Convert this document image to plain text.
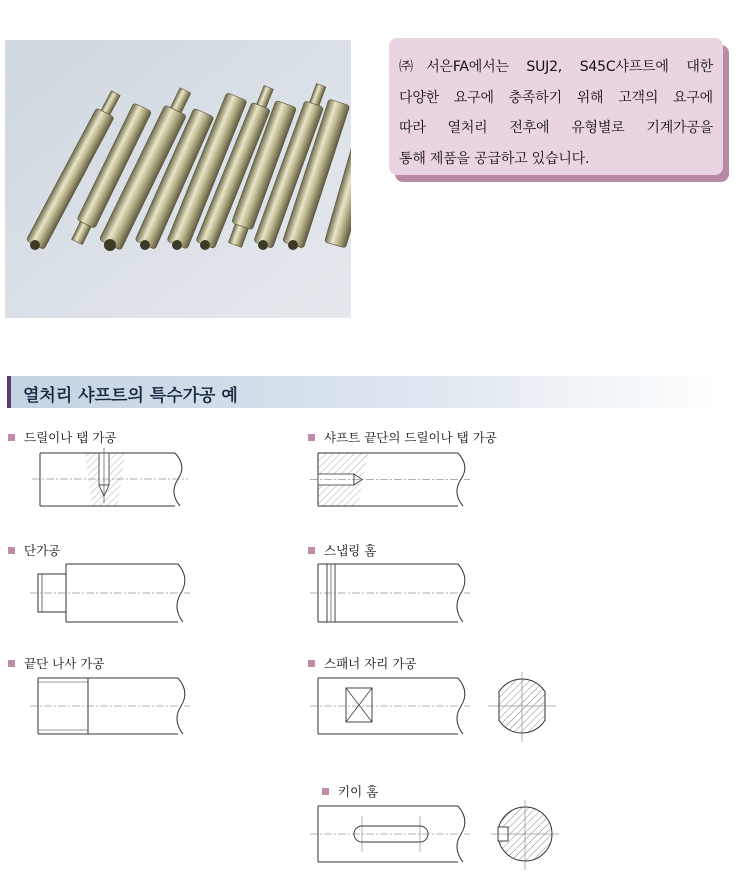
㈜서은FA에서는 SUJ2, S45C샤프트에 대한

다양한 요구에 충족하기 위해 고객의 요구에

따라 열처리 전후에 유형별로 기계가공을

통해 제품을 공급하고 있습니다.

열처리 샤프트의 특수가공 예
드릴이나 탭 가공	샤프트 끝단의 드릴이나 탭 가공
단가공	스냅링 홈
끝단 나사 가공	스패너 자리 가공
키이 홈
